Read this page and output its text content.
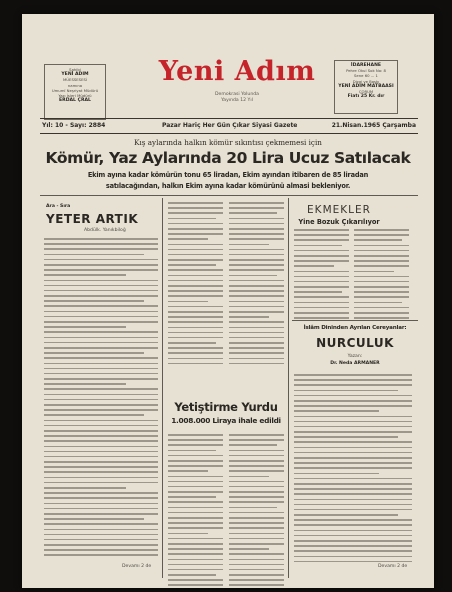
Sahibi
YENİ ADIM
MÜESSESESİ
namına
Umumî Neşriyat Müdürü
Yazı İşleri Müdürü
ERDAL ÇRAL
Yeni Adım
Demokrasi Yolunda
Yayında 12 Yıl
İDAREHANE
Pehre Okul Sok No: 8
Sene 60 ... 1
Dizgi ve Baskı
YENİ ADIM MATBAASI
ÇORUM
Fiatı 25 Kr. dır
Yıl: 10 - Sayı: 2884	Pazar Hariç Her Gün Çıkar Siyasi Gazete	21.Nisan.1965 Çarşamba
Kış aylarında halkın kömür sıkıntısı çekmemesi için
Kömür, Yaz Aylarında 20 Lira Ucuz Satılacak
Ekim ayına kadar kömürün tonu 65 liradan, Ekim ayından itibaren de 85 liradan
satılacağından, halkın Ekim ayına kadar kömürünü almasi bekleniyor.
Ara - Sıra
YETER ARTIK
Abdülk. Yanıkbiloğ
Devamı 2 de
Yetiştirme Yurdu
1.008.000 Liraya ihale edildi
EKMEKLER
Yine Bozuk Çıkarılıyor
İslâm Dininden Ayrılan Cereyanlar:
NURCULUK
Yazan:
Dr. Neda ARMANER
Devamı 2 de
